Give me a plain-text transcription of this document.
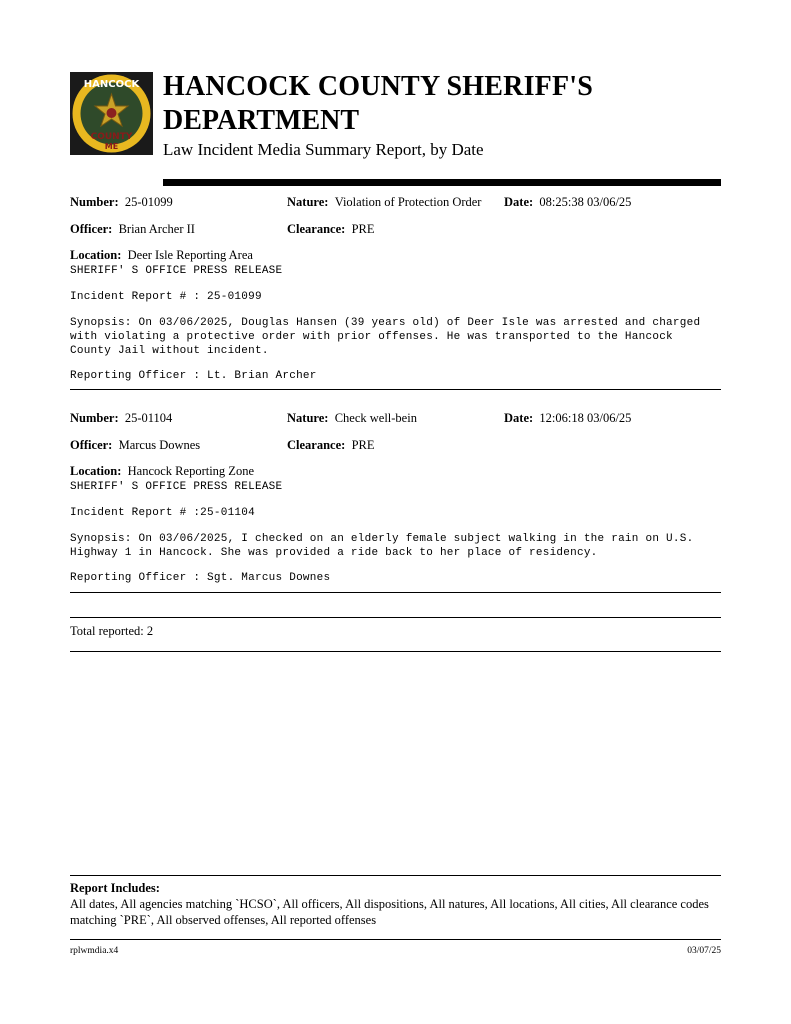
HANCOCK
COUNTY
ME
HANCOCK COUNTY SHERIFF'S
DEPARTMENT
Law Incident Media Summary Report, by Date
Number: 25-01099	Nature: Violation of Protection Order Date: 08:25:38 03/06/25
Officer: Brian Archer II	Clearance: PRE
Location: Deer Isle Reporting Area
SHERIFF' S OFFICE PRESS RELEASE
Incident Report # : 25-01099
Synopsis: On 03/06/2025, Douglas Hansen (39 years old) of Deer Isle was arrested and charged
with violating a protective order with prior offenses. He was transported to the Hancock
County Jail without incident.
Reporting Officer : Lt. Brian Archer
Number: 25-01104	Nature: Check well-bein	Date: 12:06:18 03/06/25
Officer: Marcus Downes	Clearance: PRE
Location: Hancock Reporting Zone
SHERIFF' S OFFICE PRESS RELEASE
Incident Report # :25-01104
Synopsis: On 03/06/2025, I checked on an elderly female subject walking in the rain on U.S.
Highway 1 in Hancock. She was provided a ride back to her place of residency.
Reporting Officer : Sgt. Marcus Downes
Total reported: 2
Report Includes:
All dates, All agencies matching `HCSO`, All officers, All dispositions, All natures, All locations, All cities, All clearance codes matching `PRE`, All observed offenses, All reported offenses
rplwmdia.x4	03/07/25
